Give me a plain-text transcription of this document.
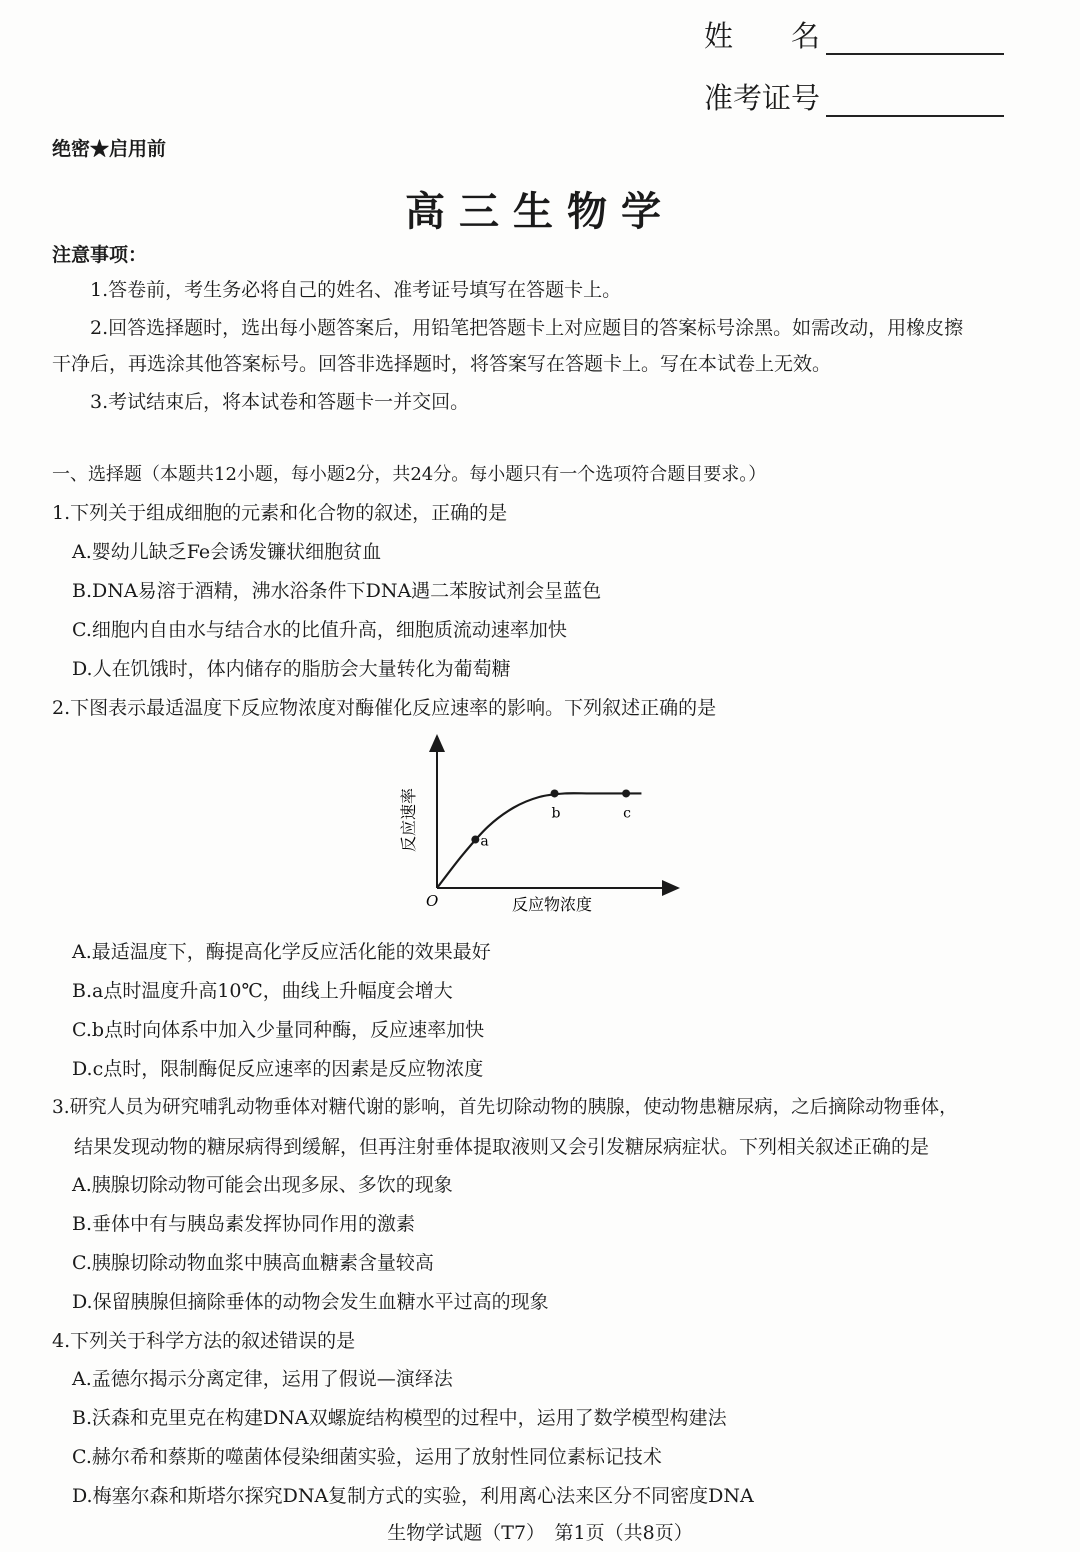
姓　　名
准考证号
绝密★启用前
高三生物学
注意事项：
1.答卷前，考生务必将自己的姓名、准考证号填写在答题卡上。
2.回答选择题时，选出每小题答案后，用铅笔把答题卡上对应题目的答案标号涂黑。如需改动，用橡皮擦
干净后，再选涂其他答案标号。回答非选择题时，将答案写在答题卡上。写在本试卷上无效。
3.考试结束后，将本试卷和答题卡一并交回。
一、选择题（本题共12小题，每小题2分，共24分。每小题只有一个选项符合题目要求。）
1.下列关于组成细胞的元素和化合物的叙述，正确的是
A.婴幼儿缺乏Fe会诱发镰状细胞贫血
B.DNA易溶于酒精，沸水浴条件下DNA遇二苯胺试剂会呈蓝色
C.细胞内自由水与结合水的比值升高，细胞质流动速率加快
D.人在饥饿时，体内储存的脂肪会大量转化为葡萄糖
2.下图表示最适温度下反应物浓度对酶催化反应速率的影响。下列叙述正确的是
O	反应物浓度
反应速率	a
b	c
A.最适温度下，酶提高化学反应活化能的效果最好
B.a点时温度升高10℃，曲线上升幅度会增大
C.b点时向体系中加入少量同种酶，反应速率加快
D.c点时，限制酶促反应速率的因素是反应物浓度
3.研究人员为研究哺乳动物垂体对糖代谢的影响，首先切除动物的胰腺，使动物患糖尿病，之后摘除动物垂体，
结果发现动物的糖尿病得到缓解，但再注射垂体提取液则又会引发糖尿病症状。下列相关叙述正确的是
A.胰腺切除动物可能会出现多尿、多饮的现象
B.垂体中有与胰岛素发挥协同作用的激素
C.胰腺切除动物血浆中胰高血糖素含量较高
D.保留胰腺但摘除垂体的动物会发生血糖水平过高的现象
4.下列关于科学方法的叙述错误的是
A.孟德尔揭示分离定律，运用了假说—演绎法
B.沃森和克里克在构建DNA双螺旋结构模型的过程中，运用了数学模型构建法
C.赫尔希和蔡斯的噬菌体侵染细菌实验，运用了放射性同位素标记技术
D.梅塞尔森和斯塔尔探究DNA复制方式的实验，利用离心法来区分不同密度DNA
生物学试题（T7）　第1页（共8页）
